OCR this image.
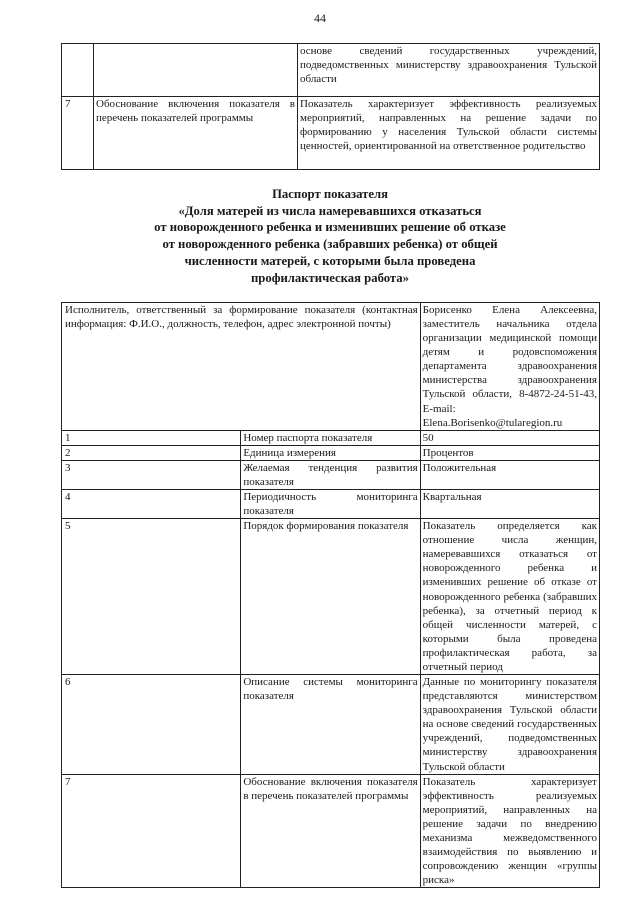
44
		основе сведений государственных учреждений, подведомственных министерству здравоохранения Тульской области
7	Обоснование включения показателя в перечень показателей программы	Показатель характеризует эффективность реализуемых мероприятий, направленных на решение задачи по формированию у населения Тульской области системы ценностей, ориентированной на ответственное родительство
Паспорт показателя
«Доля матерей из числа намеревавшихся отказаться
от новорожденного ребенка и изменивших решение об отказе
от новорожденного ребенка (забравших ребенка) от общей
численности матерей, с которыми была проведена
профилактическая работа»
Исполнитель, ответственный за формирование показателя (контактная информация: Ф.И.О., должность, телефон, адрес электронной почты)		Борисенко Елена Алексеевна, заместитель начальника отдела организации медицинской помощи детям и родовспоможения департамента здравоохранения министерства здравоохранения Тульской области, 8-4872-24-51-43, E-mail: Elena.Borisenko@tularegion.ru
1	Номер паспорта показателя	50
2	Единица измерения	Процентов
3	Желаемая тенденция развития показателя	Положительная
4	Периодичность мониторинга показателя	Квартальная
5	Порядок формирования показателя	Показатель определяется как отношение числа женщин, намеревавшихся отказаться от новорожденного ребенка и изменивших решение об отказе от новорожденного ребенка (забравших ребенка), за отчетный период к общей численности матерей, с которыми была проведена профилактическая работа, за отчетный период
6	Описание системы мониторинга показателя	Данные по мониторингу показателя представляются министерством здравоохранения Тульской области на основе сведений государственных учреждений, подведомственных министерству здравоохранения Тульской области
7	Обоснование включения показателя в перечень показателей программы	Показатель характеризует эффективность реализуемых мероприятий, направленных на решение задачи по внедрению механизма межведомственного взаимодействия по выявлению и сопровождению женщин «группы риска»
